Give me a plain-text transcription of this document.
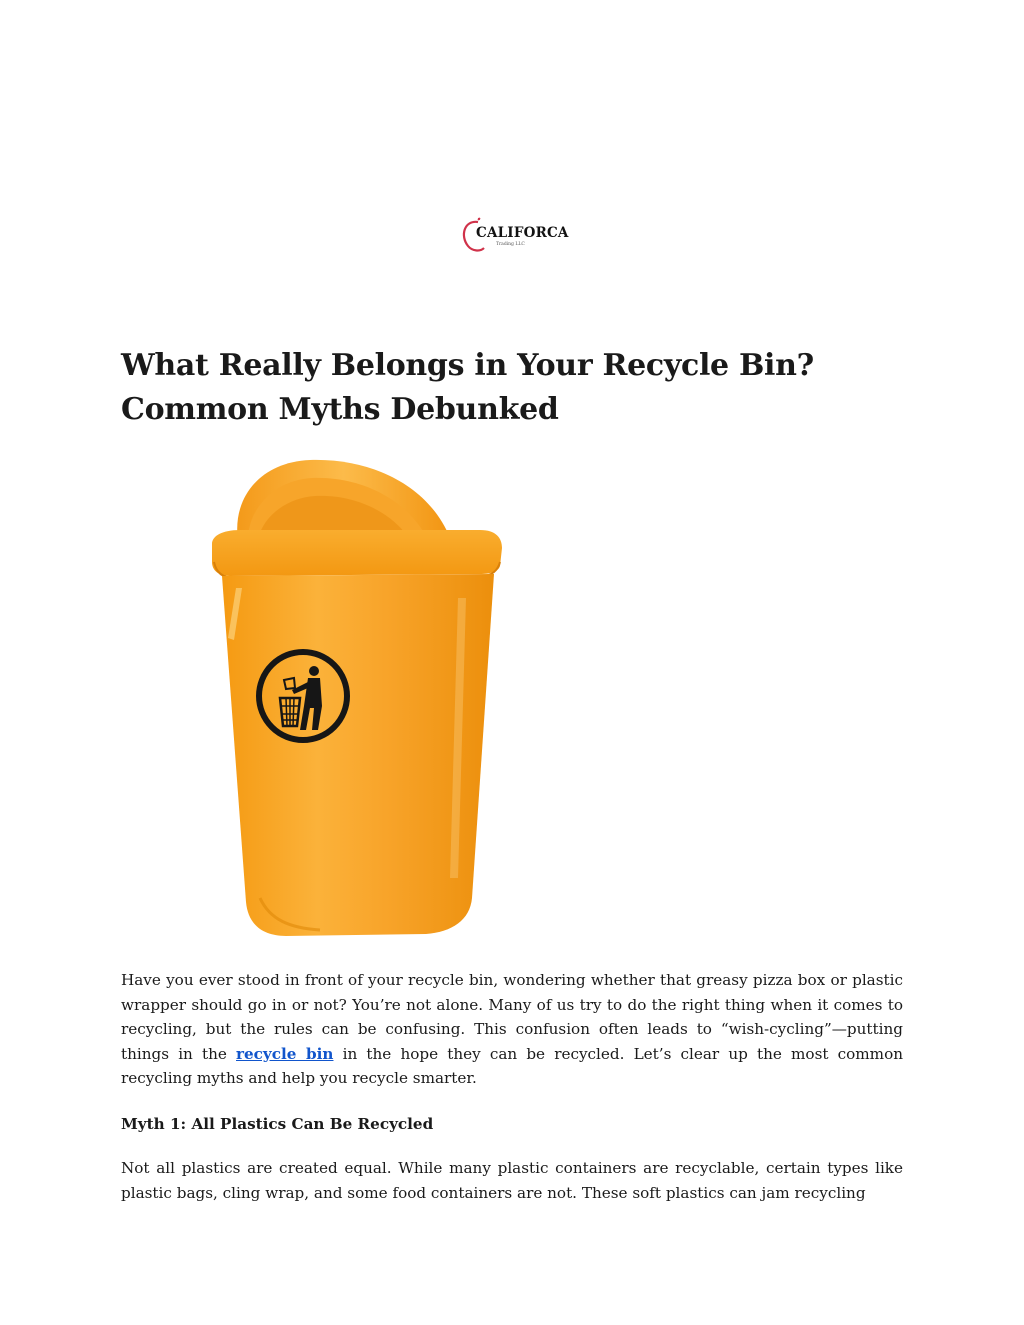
CALIFORCA
Trading LLC
What Really Belongs in Your Recycle Bin? Common Myths Debunked

Have you ever stood in front of your recycle bin, wondering whether that greasy pizza box or plastic wrapper should go in or not? You’re not alone. Many of us try to do the right thing when it comes to recycling, but the rules can be confusing. This confusion often leads to “wish-cycling”—putting things in the recycle bin in the hope they can be recycled. Let’s clear up the most common recycling myths and help you recycle smarter.

Myth 1: All Plastics Can Be Recycled

Not all plastics are created equal. While many plastic containers are recyclable, certain types like plastic bags, cling wrap, and some food containers are not. These soft plastics can jam recycling
